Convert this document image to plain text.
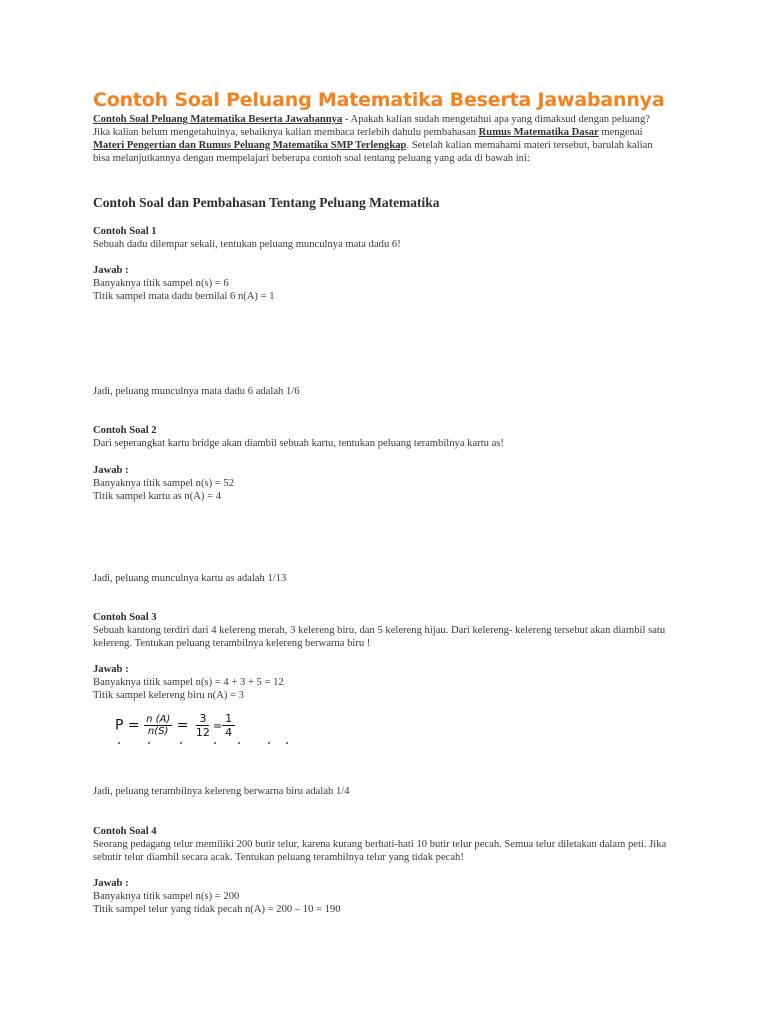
Contoh Soal Peluang Matematika Beserta Jawabannya
Contoh Soal Peluang Matematika Beserta Jawabannya - Apakah kalian sudah mengetahui apa yang dimaksud dengan peluang? Jika kalian belum mengetahuinya, sebaiknya kalian membaca terlebih dahulu pembahasan Rumus Matematika Dasar mengenai Materi Pengertian dan Rumus Peluang Matematika SMP Terlengkap. Setelah kalian memahami materi tersebut, barulah kalian bisa melanjutkannya dengan mempelajari beberapa contoh soal tentang peluang yang ada di bawah ini:
Contoh Soal dan Pembahasan Tentang Peluang Matematika
Contoh Soal 1
Sebuah dadu dilempar sekali, tentukan peluang munculnya mata dadu 6!
Jawab :
Banyaknya titik sampel n(s) = 6
Titik sampel mata dadu bernilai 6 n(A) = 1
Jadi, peluang munculnya mata dadu 6 adalah 1/6
Contoh Soal 2
Dari seperangkat kartu bridge akan diambil sebuah kartu, tentukan peluang terambilnya kartu as!
Jawab :
Banyaknya titik sampel n(s) = 52
Titik sampel kartu as n(A) = 4
Jadi, peluang munculnya kartu as adalah 1/13
Contoh Soal 3
Sebuah kantong terdiri dari 4 kelereng merah, 3 kelereng biru, dan 5 kelereng hijau. Dari kelereng- kelereng tersebut akan diambil satu kelereng. Tentukan peluang terambilnya kelereng berwarna biru !
Jawab :
Banyaknya titik sampel n(s) = 4 + 3 + 5 = 12
Titik sampel kelereng biru n(A) = 3
$P = \frac{n (A)}{n(S)} = \frac{3}{12} = \frac{1}{4}$
Jadi, peluang terambilnya kelereng berwarna biru adalah 1/4
Contoh Soal 4
Seorang pedagang telur memiliki 200 butir telur, karena kurang berhati-hati 10 butir telur pecah. Semua telur diletakan dalam peti. Jika sebutir telur diambil secara acak. Tentukan peluang terambilnya telur yang tidak pecah!
Jawab :
Banyaknya titik sampel n(s) = 200
Titik sampel telur yang tidak pecah n(A) = 200 – 10 = 190
